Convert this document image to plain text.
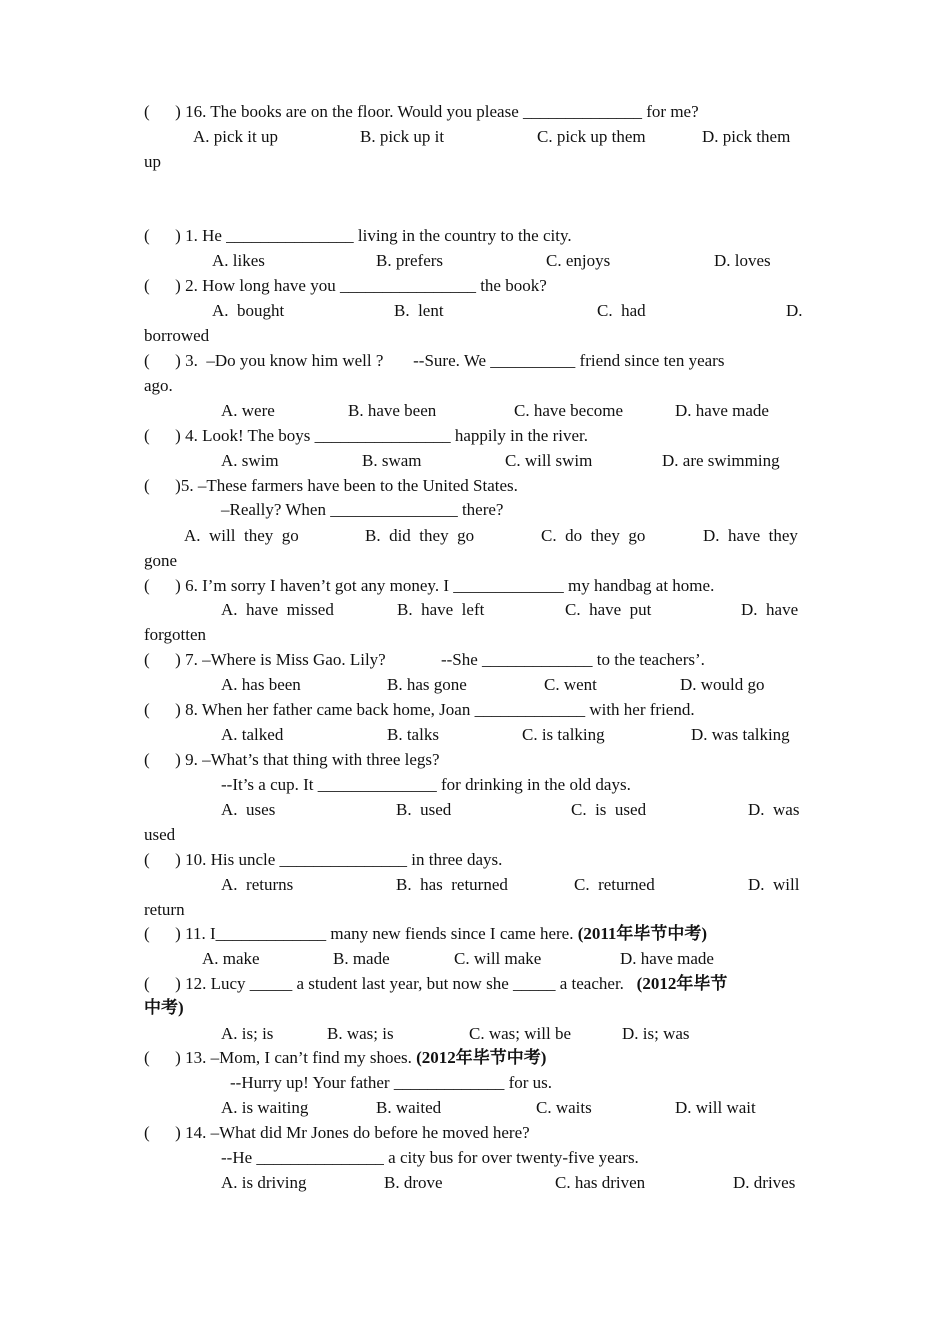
(      ) 16. The books are on the floor. Would you please ______________ for me?
A. pick it up	B. pick up it	C. pick up them	D. pick them
up
(      ) 1. He _______________ living in the country to the city.
A. likes	B. prefers	C. enjoys	D. loves
(      ) 2. How long have you ________________ the book?
A.  bought	B.  lent	C.  had	D.
borrowed
(      ) 3.  –Do you know him well ?       --Sure. We __________ friend since ten years
ago.
A. were	B. have been	C. have become	D. have made
(      ) 4. Look! The boys ________________ happily in the river.
A. swim	B. swam	C. will swim	D. are swimming
(      )5. –These farmers have been to the United States.
–Really? When _______________ there?
A.  will  they  go	B.  did  they  go	C.  do  they  go	D.  have  they
gone
(      ) 6. I’m sorry I haven’t got any money. I _____________ my handbag at home.
A.  have  missed	B.  have  left	C.  have  put	D.  have
forgotten
(      ) 7. –Where is Miss Gao. Lily?             --She _____________ to the teachers’.
A. has been	B. has gone	C. went	D. would go
(      ) 8. When her father came back home, Joan _____________ with her friend.
A. talked	B. talks	C. is talking	D. was talking
(      ) 9. –What’s that thing with three legs?
--It’s a cup. It ______________ for drinking in the old days.
A.  uses	B.  used	C.  is  used	D.  was
used
(      ) 10. His uncle _______________ in three days.
A.  returns	B.  has  returned	C.  returned	D.  will
return
(      ) 11. I_____________ many new fiends since I came here. (2011年毕节中考)
A. make	B. made	C. will make	D. have made
(      ) 12. Lucy _____ a student last year, but now she _____ a teacher.   (2012年毕节
中考)
A. is; is	B. was; is	C. was; will be	D. is; was
(      ) 13. –Mom, I can’t find my shoes. (2012年毕节中考)
--Hurry up! Your father _____________ for us.
A. is waiting	B. waited	C. waits	D. will wait
(      ) 14. –What did Mr Jones do before he moved here?
--He _______________ a city bus for over twenty-five years.
A. is driving	B. drove	C. has driven	D. drives
